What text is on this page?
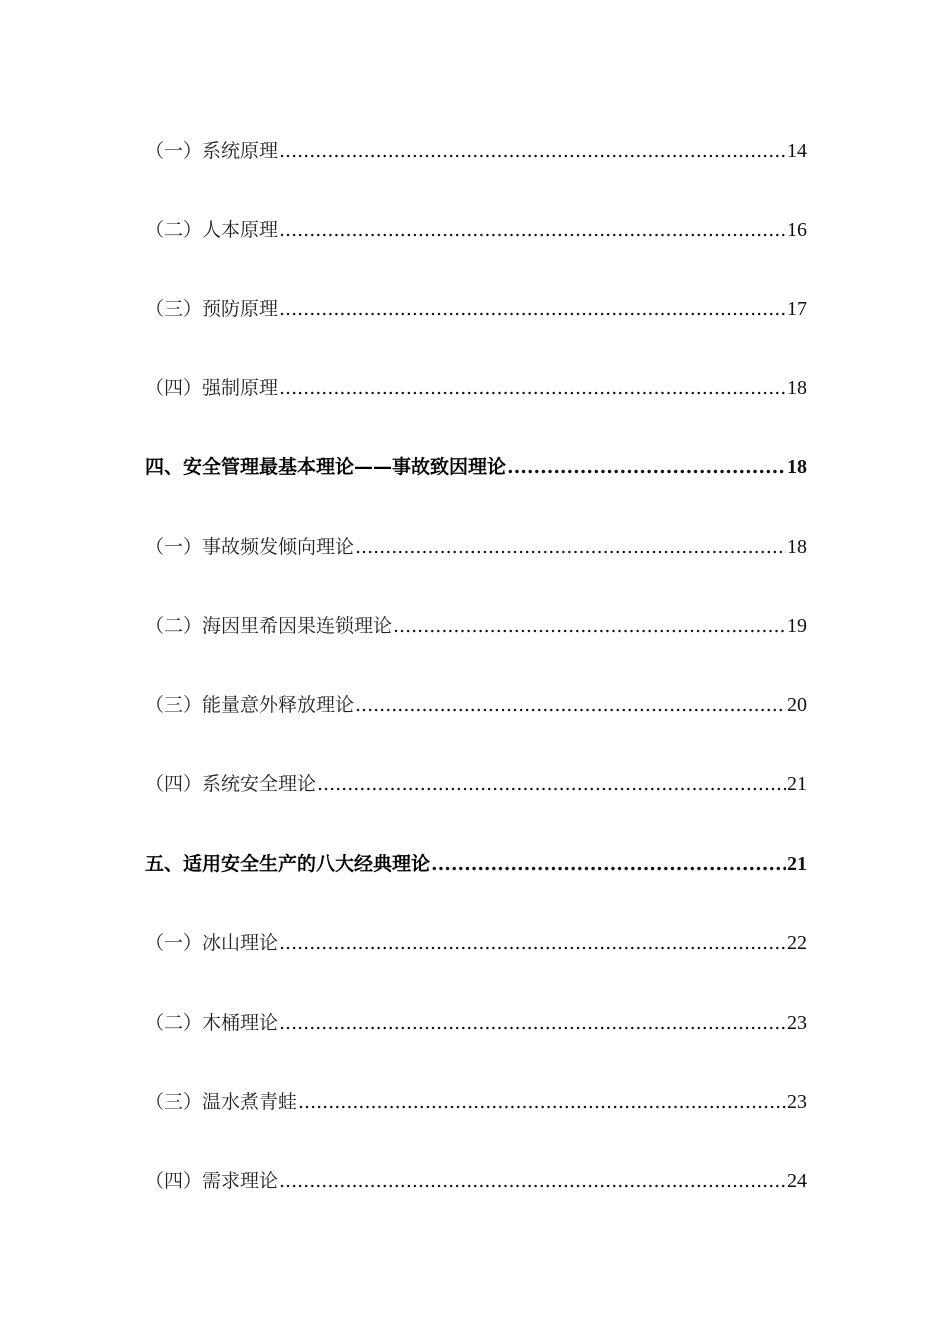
（一）系统原理 .....	14
（二）人本原理 .....	16
（三）预防原理 .....	17
（四）强制原理 .....	18
四、安全管理最基本理论——事故致因理论 .....	18
（一）事故频发倾向理论 .....	18
（二）海因里希因果连锁理论 .....	19
（三）能量意外释放理论 .....	20
（四）系统安全理论 .....	21
五、适用安全生产的八大经典理论 .....	21
（一）冰山理论 .....	22
（二）木桶理论 .....	23
（三）温水煮青蛙 .....	23
（四）需求理论 .....	24
